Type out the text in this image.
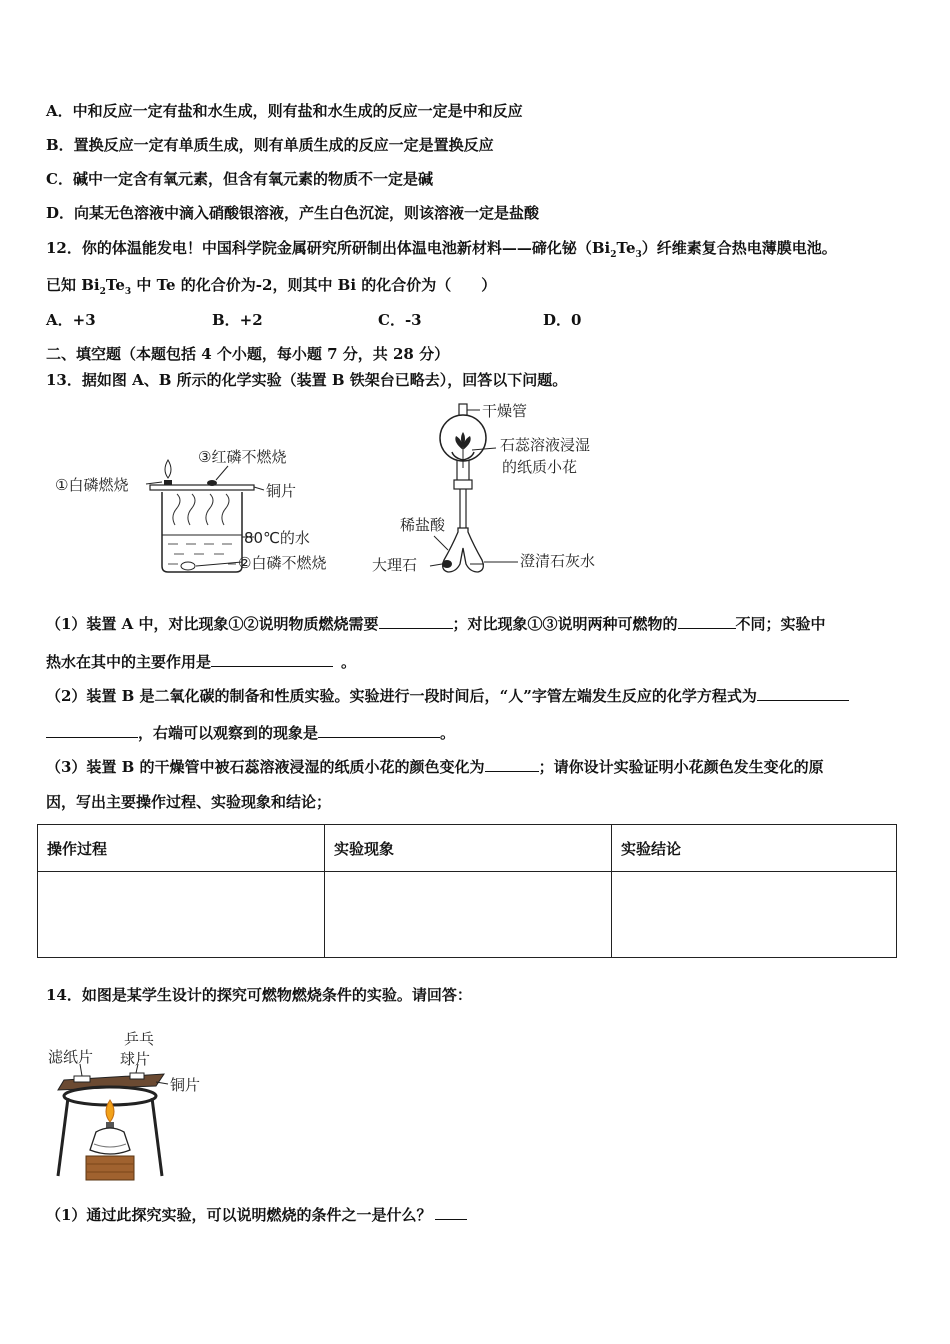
A．中和反应一定有盐和水生成，则有盐和水生成的反应一定是中和反应
B．置换反应一定有单质生成，则有单质生成的反应一定是置换反应
C．碱中一定含有氧元素，但含有氧元素的物质不一定是碱
D．向某无色溶液中滴入硝酸银溶液，产生白色沉淀，则该溶液一定是盐酸
12．你的体温能发电！中国科学院金属研究所研制出体温电池新材料——碲化铋$(Bi_2Te_3)$纤维素复合热电薄膜电池。
已知 $Bi_2Te_3$ 中 Te 的化合价为-2，则其中 Bi 的化合价为（　　）
A．+3	B．+2	C．-3	D．0
二、填空题（本题包括 4 个小题，每小题 7 分，共 28 分）
13．据如图 A、B 所示的化学实验（装置 B 铁架台已略去），回答以下问题。
①白磷燃烧
③红磷不燃烧
铜片
80℃的水
②白磷不燃烧
干燥管
石蕊溶液浸湿
的纸质小花
稀盐酸
大理石	澄清石灰水
（1）装置 A 中，对比现象①②说明物质燃烧需要	；对比现象①③说明两种可燃物的	不同；实验中
热水在其中的主要作用是	。
（2）装置 B 是二氧化碳的制备和性质实验。实验进行一段时间后，“人”字管左端发生反应的化学方程式为
，右端可以观察到的现象是	。
（3）装置 B 的干燥管中被石蕊溶液浸湿的纸质小花的颜色变化为	；请你设计实验证明小花颜色发生变化的原
因，写出主要操作过程、实验现象和结论；
操作过程	实验现象	实验结论

14．如图是某学生设计的探究可燃物燃烧条件的实验。请回答：
滤纸片
乒乓
球片
铜片
（1）通过此探究实验，可以说明燃烧的条件之一是什么？
